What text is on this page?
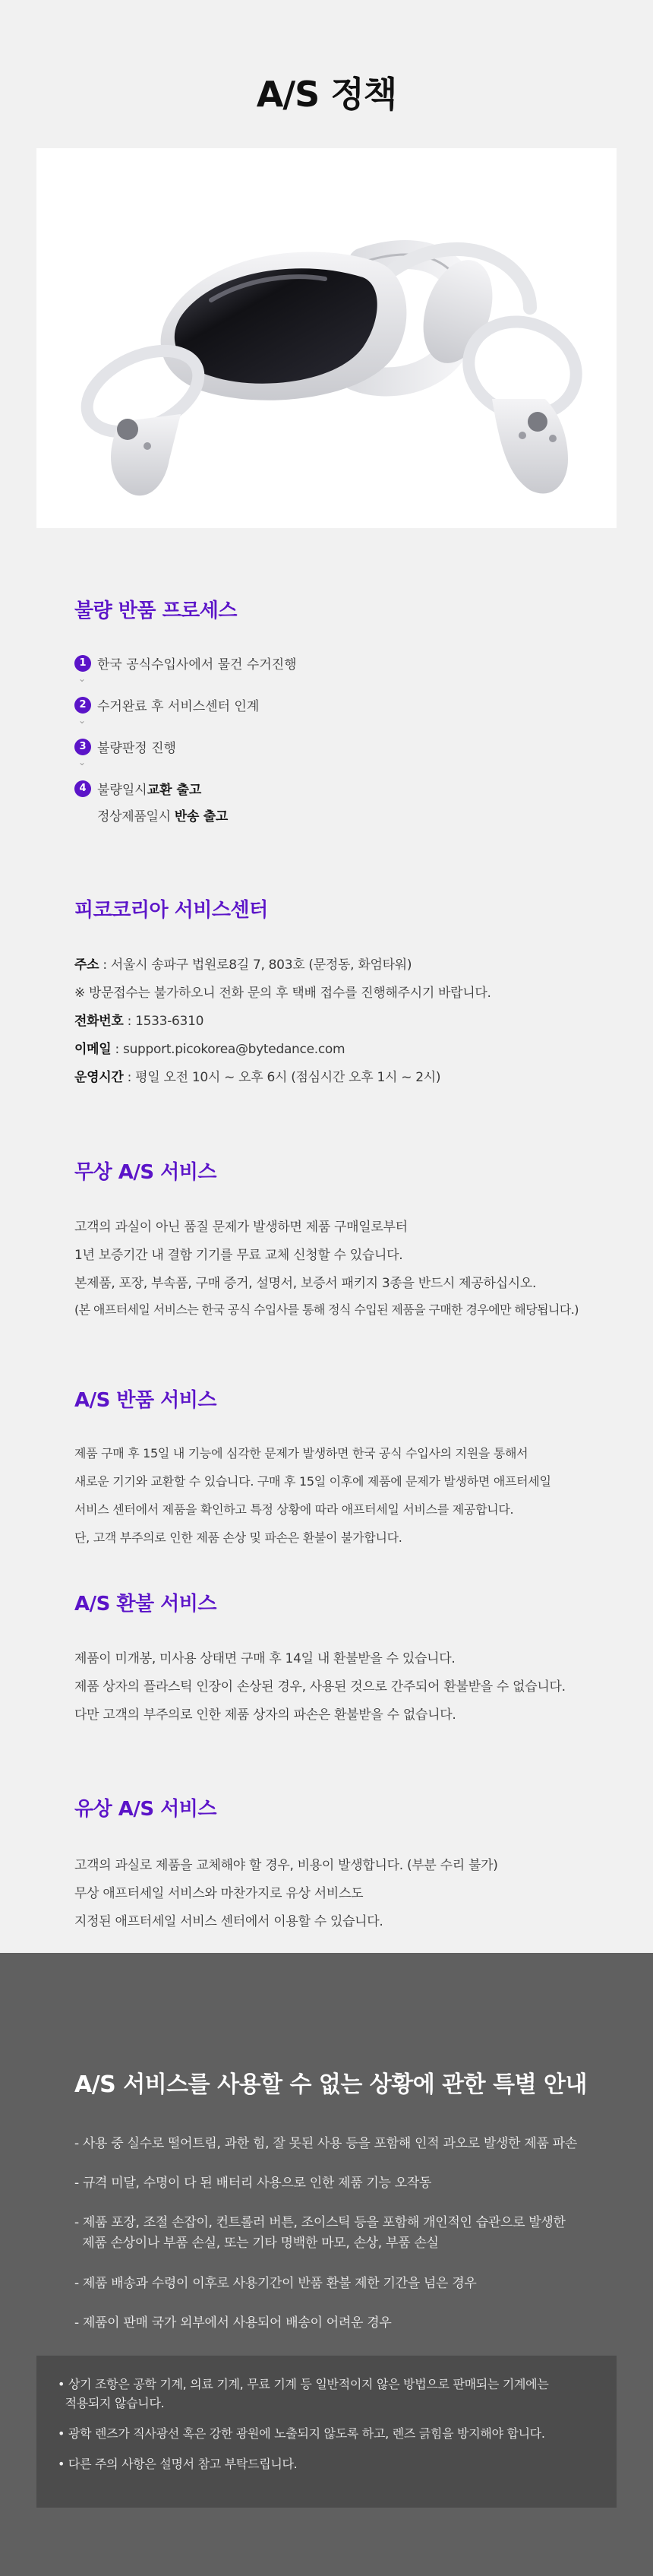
A/S 정책
불량 반품 프로세스
1 한국 공식수입사에서 물건 수거진행
⌄
2 수거완료 후 서비스센터 인계
⌄
3 불량판정 진행
⌄
4 불량일시 교환 출고
정상제품일시 반송 출고
피코코리아 서비스센터
주소 : 서울시 송파구 법원로8길 7, 803호 (문정동, 화엄타워)
※ 방문접수는 불가하오니 전화 문의 후 택배 접수를 진행해주시기 바랍니다.
전화번호 : 1533-6310
이메일 : support.picokorea@bytedance.com
운영시간 : 평일 오전 10시 ~ 오후 6시 (점심시간 오후 1시 ~ 2시)
무상 A/S 서비스
고객의 과실이 아닌 품질 문제가 발생하면 제품 구매일로부터
1년 보증기간 내 결함 기기를 무료 교체 신청할 수 있습니다.
본제품, 포장, 부속품, 구매 증거, 설명서, 보증서 패키지 3종을 반드시 제공하십시오.
(본 애프터세일 서비스는 한국 공식 수입사를 통해 정식 수입된 제품을 구매한 경우에만 해당됩니다.)
A/S 반품 서비스
제품 구매 후 15일 내 기능에 심각한 문제가 발생하면 한국 공식 수입사의 지원을 통해서
새로운 기기와 교환할 수 있습니다. 구매 후 15일 이후에 제품에 문제가 발생하면 애프터세일
서비스 센터에서 제품을 확인하고 특정 상황에 따라 애프터세일 서비스를 제공합니다.
단, 고객 부주의로 인한 제품 손상 및 파손은 환불이 불가합니다.
A/S 환불 서비스
제품이 미개봉, 미사용 상태면 구매 후 14일 내 환불받을 수 있습니다.
제품 상자의 플라스틱 인장이 손상된 경우, 사용된 것으로 간주되어 환불받을 수 없습니다.
다만 고객의 부주의로 인한 제품 상자의 파손은 환불받을 수 없습니다.
유상 A/S 서비스
고객의 과실로 제품을 교체해야 할 경우, 비용이 발생합니다. (부분 수리 불가)
무상 애프터세일 서비스와 마찬가지로 유상 서비스도
지정된 애프터세일 서비스 센터에서 이용할 수 있습니다.
A/S 서비스를 사용할 수 없는 상황에 관한 특별 안내
- 사용 중 실수로 떨어트림, 과한 힘, 잘 못된 사용 등을 포함해 인적 과오로 발생한 제품 파손
- 규격 미달, 수명이 다 된 배터리 사용으로 인한 제품 기능 오작동
- 제품 포장, 조절 손잡이, 컨트롤러 버튼, 조이스틱 등을 포함해 개인적인 습관으로 발생한
제품 손상이나 부품 손실, 또는 기타 명백한 마모, 손상, 부품 손실
- 제품 배송과 수령이 이후로 사용기간이 반품 환불 제한 기간을 넘은 경우
- 제품이 판매 국가 외부에서 사용되어 배송이 어려운 경우
• 상기 조항은 공학 기계, 의료 기계, 무료 기계 등 일반적이지 않은 방법으로 판매되는 기계에는
적용되지 않습니다.
• 광학 렌즈가 직사광선 혹은 강한 광원에 노출되지 않도록 하고, 렌즈 긁힘을 방지해야 합니다.
• 다른 주의 사항은 설명서 참고 부탁드립니다.
